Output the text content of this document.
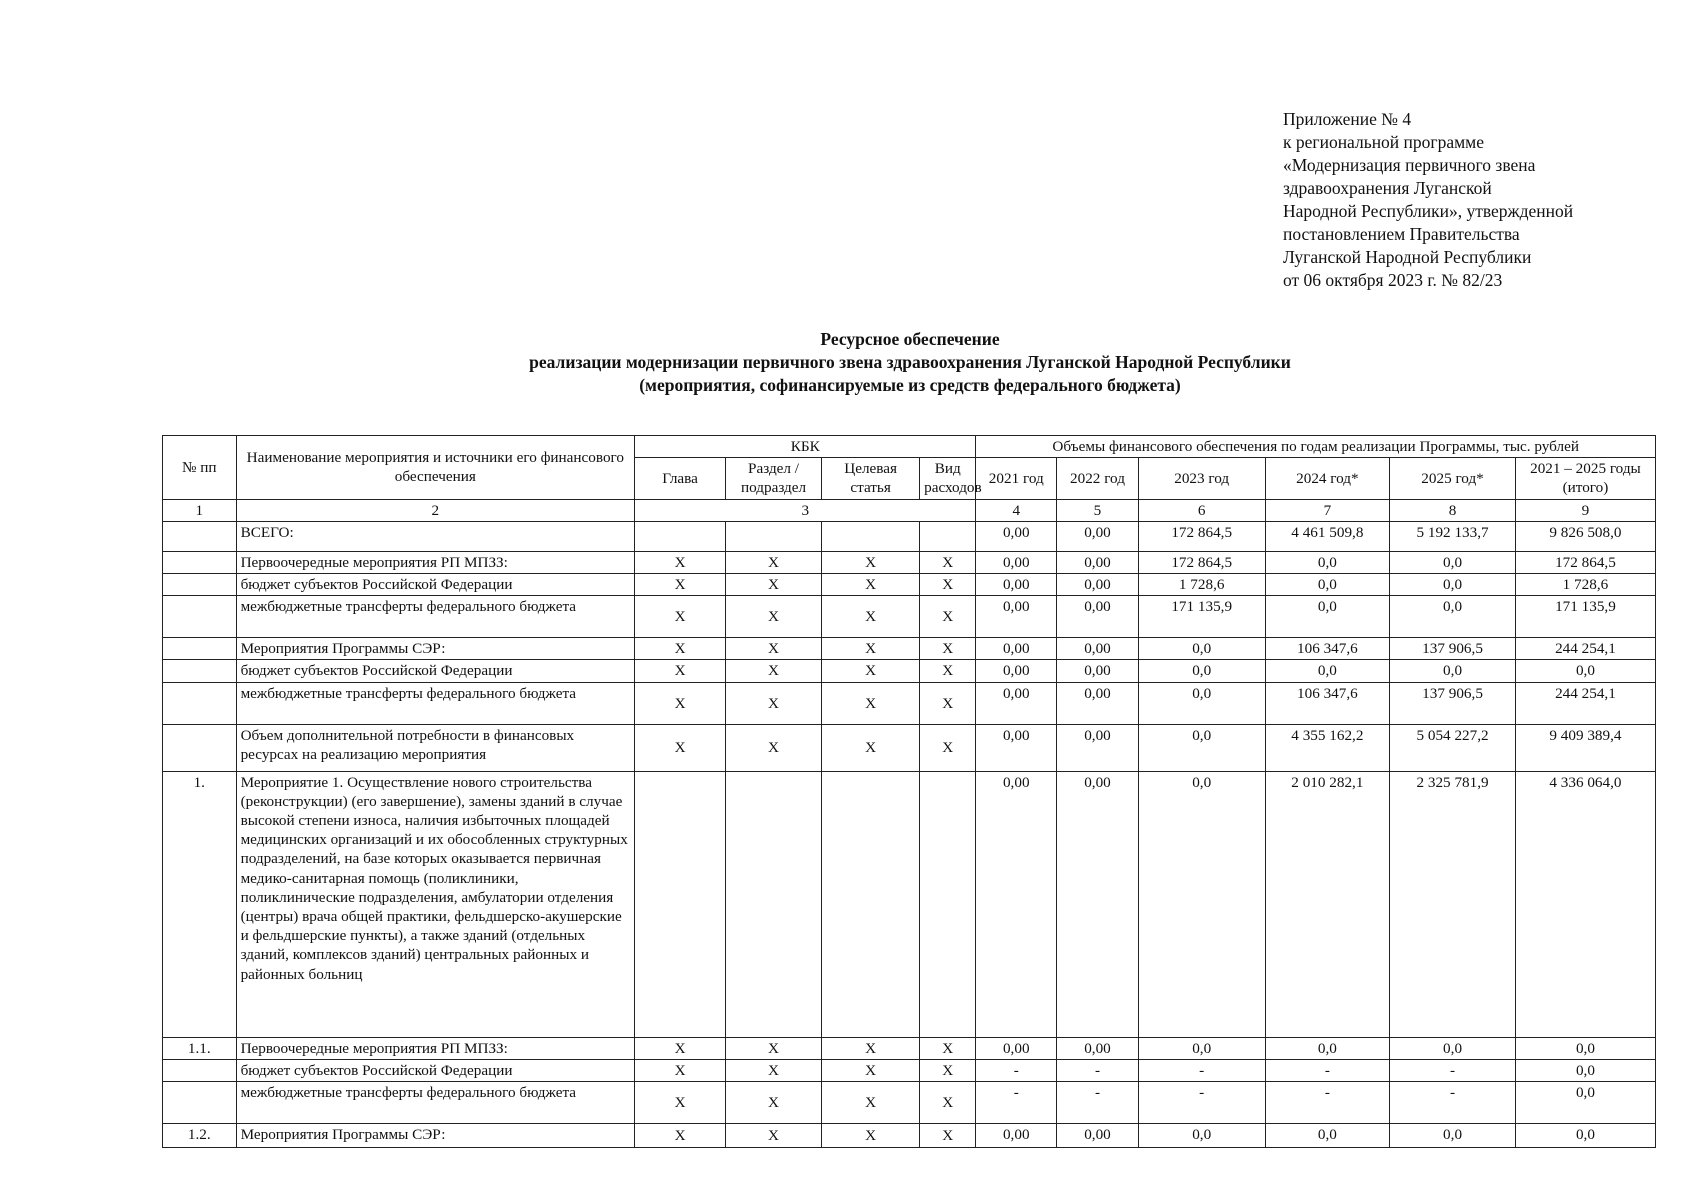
Приложение № 4
к региональной программе
«Модернизация первичного звена
здравоохранения Луганской
Народной Республики», утвержденной
постановлением Правительства
Луганской Народной Республики
от 06 октября 2023 г. № 82/23
Ресурсное обеспечение
реализации модернизации первичного звена здравоохранения Луганской Народной Республики
(мероприятия, софинансируемые из средств федерального бюджета)
№ пп	Наименование мероприятия и источники его финансового обеспечения	КБК				Объемы финансового обеспечения по годам реализации Программы, тыс. рублей					
		Глава	Раздел / подраздел	Целевая статья	Вид расходов	2021 год	2022 год	2023 год	2024 год*	2025 год*	2021 – 2025 годы (итого)
1	2	3				4	5	6	7	8	9
	ВСЕГО:					0,00	0,00	172 864,5	4 461 509,8	5 192 133,7	9 826 508,0
	Первоочередные мероприятия РП МПЗЗ:	X	X	X	X	0,00	0,00	172 864,5	0,0	0,0	172 864,5
	бюджет субъектов Российской Федерации	X	X	X	X	0,00	0,00	1 728,6	0,0	0,0	1 728,6
	межбюджетные трансферты федерального бюджета	X	X	X	X	0,00	0,00	171 135,9	0,0	0,0	171 135,9
	Мероприятия Программы СЭР:	X	X	X	X	0,00	0,00	0,0	106 347,6	137 906,5	244 254,1
	бюджет субъектов Российской Федерации	X	X	X	X	0,00	0,00	0,0	0,0	0,0	0,0
	межбюджетные трансферты федерального бюджета	X	X	X	X	0,00	0,00	0,0	106 347,6	137 906,5	244 254,1
	Объем дополнительной потребности в финансовых ресурсах на реализацию мероприятия	X	X	X	X	0,00	0,00	0,0	4 355 162,2	5 054 227,2	9 409 389,4
1.	Мероприятие 1. Осуществление нового строительства (реконструкции) (его завершение), замены зданий в случае высокой степени износа, наличия избыточных площадей медицинских организаций и их обособленных структурных подразделений, на базе которых оказывается первичная медико-санитарная помощь (поликлиники, поликлинические подразделения, амбулатории отделения (центры) врача общей практики, фельдшерско-акушерские и фельдшерские пункты), а также зданий (отдельных зданий, комплексов зданий) центральных районных и районных больниц					0,00	0,00	0,0	2 010 282,1	2 325 781,9	4 336 064,0
1.1.	Первоочередные мероприятия РП МПЗЗ:	X	X	X	X	0,00	0,00	0,0	0,0	0,0	0,0
	бюджет субъектов Российской Федерации	X	X	X	X	-	-	-	-	-	0,0
	межбюджетные трансферты федерального бюджета	X	X	X	X	-	-	-	-	-	0,0
1.2.	Мероприятия Программы СЭР:	X	X	X	X	0,00	0,00	0,0	0,0	0,0	0,0
